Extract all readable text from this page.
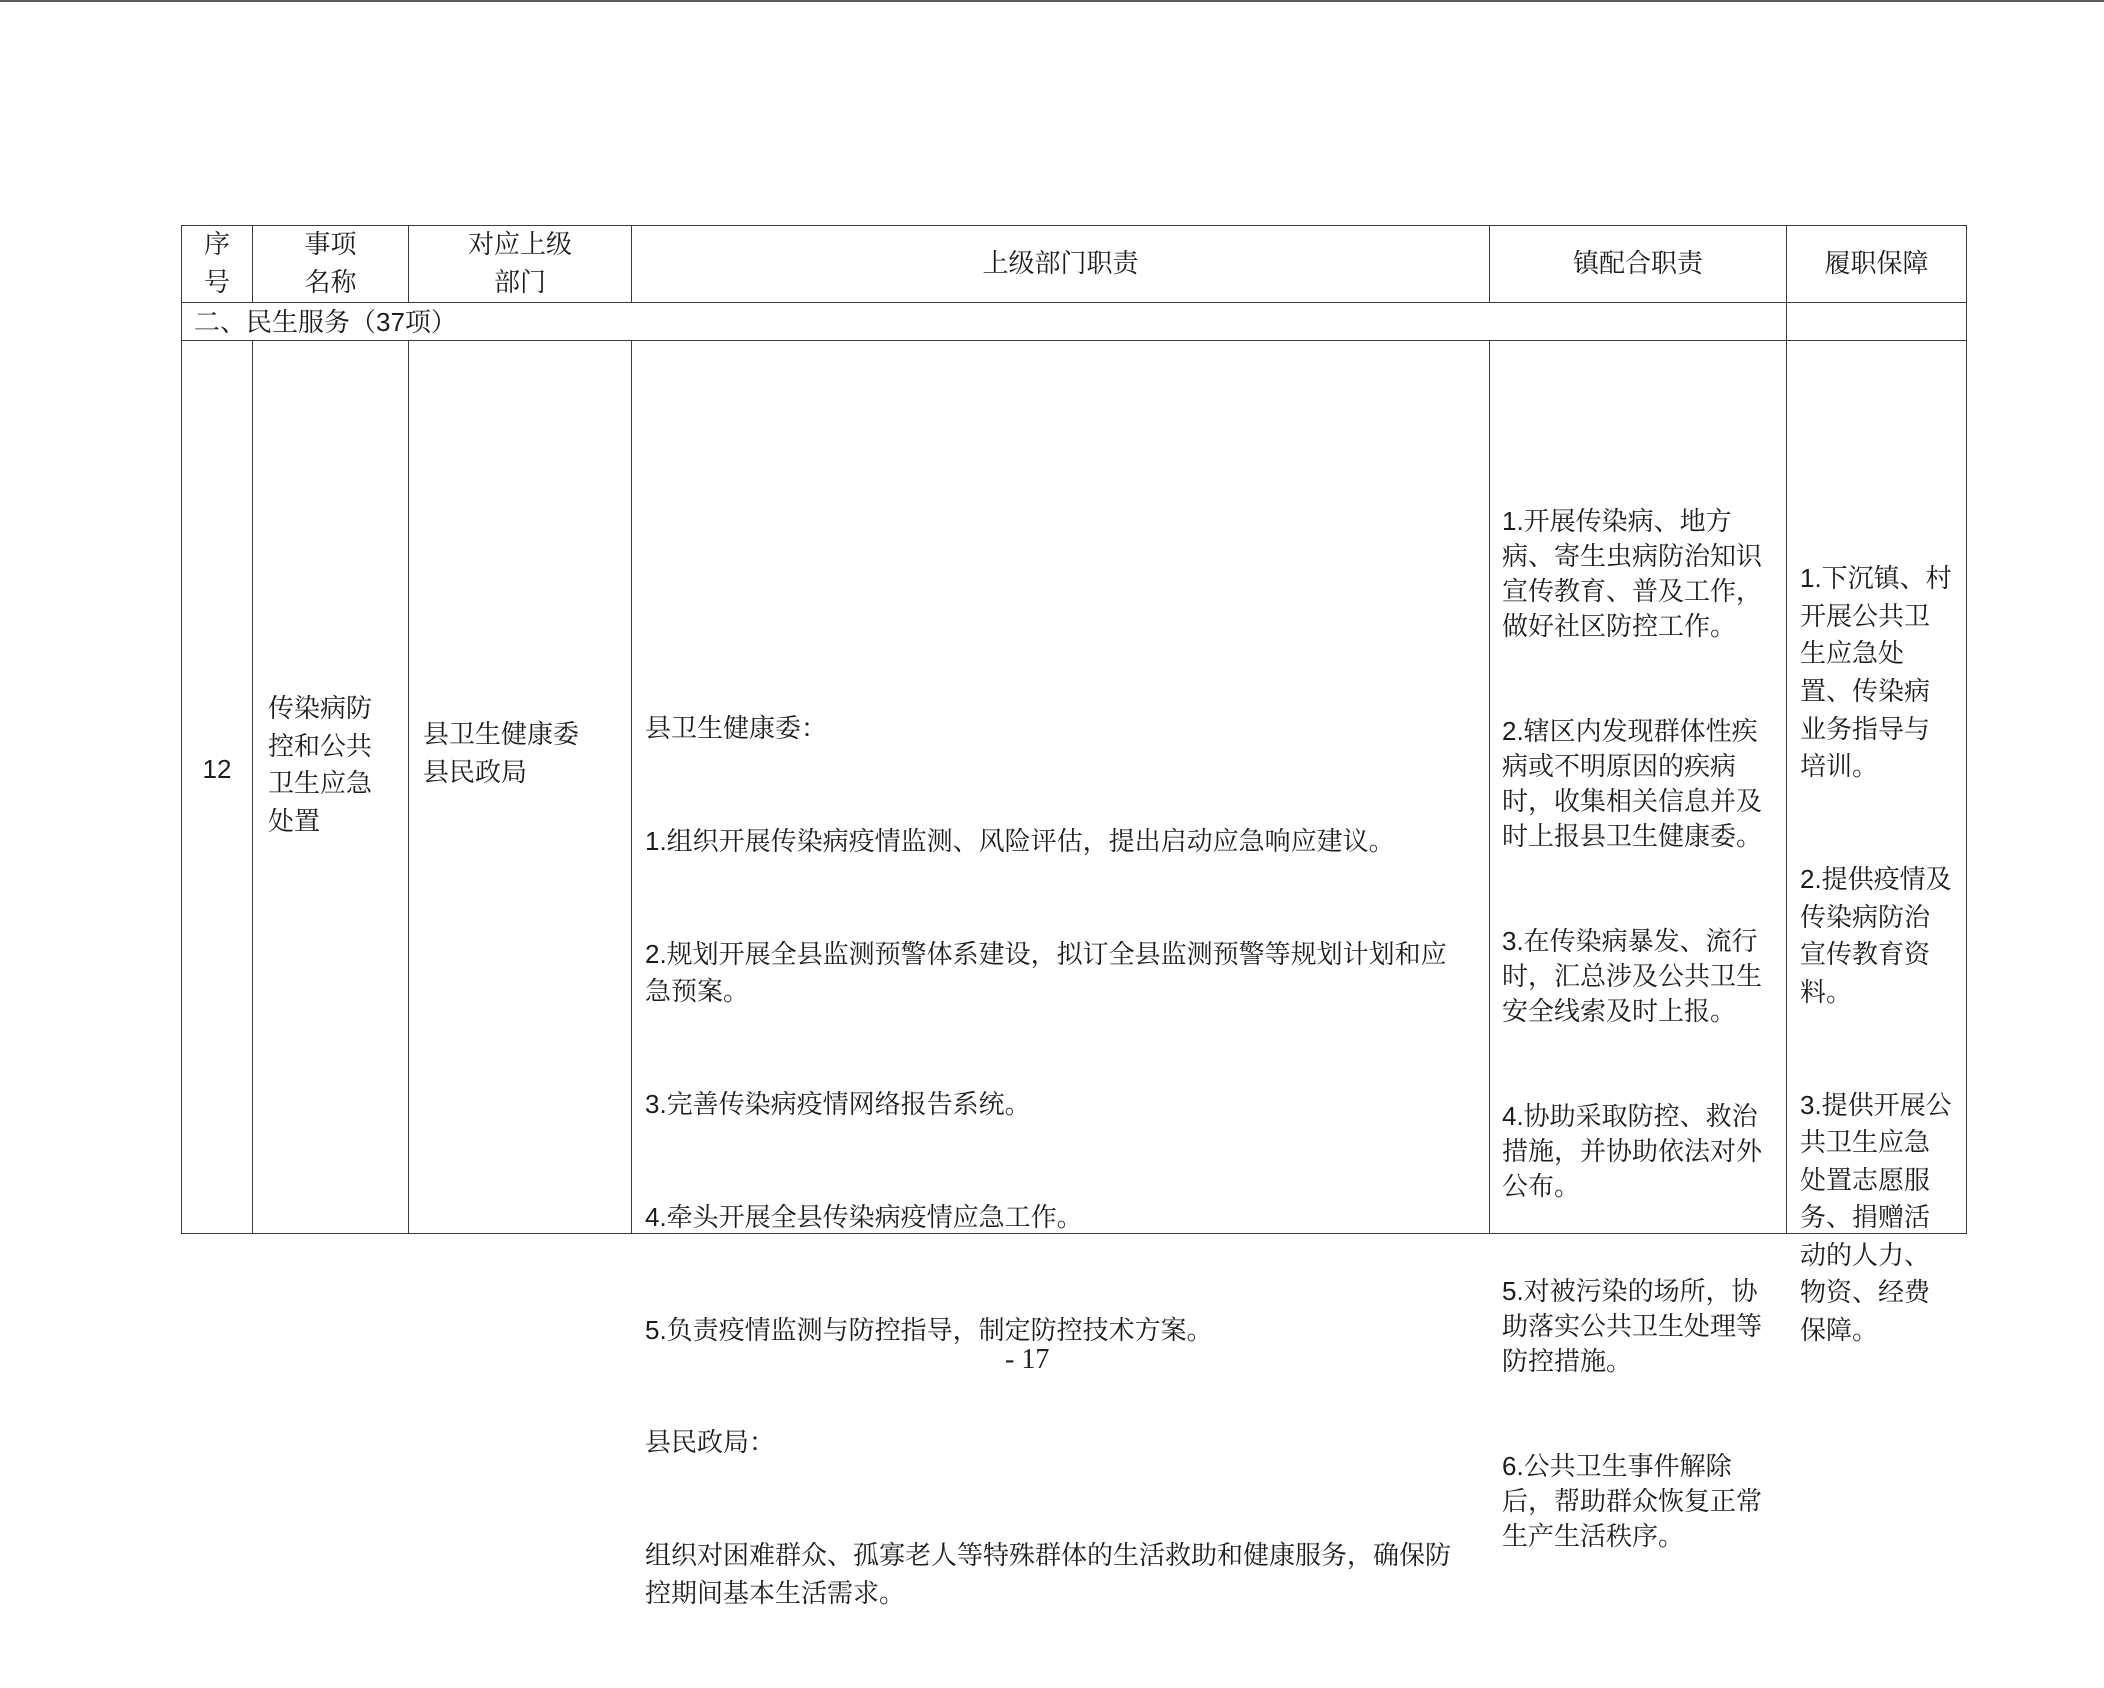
序
号
事项
名称
对应上级
部门
上级部门职责	镇配合职责	履职保障
二、民生服务（37项）
12
传染病防
控和公共
卫生应急
处置
县卫生健康委
县民政局

县卫生健康委：

1.组织开展传染病疫情监测、风险评估，提出启动应急响应建议。

2.规划开展全县监测预警体系建设，拟订全县监测预警等规划计划和应
急预案。

3.完善传染病疫情网络报告系统。

4.牵头开展全县传染病疫情应急工作。

5.负责疫情监测与防控指导，制定防控技术方案。

县民政局：

组织对困难群众、孤寡老人等特殊群体的生活救助和健康服务，确保防
控期间基本生活需求。

1.开展传染病、地方
病、寄生虫病防治知识
宣传教育、普及工作，
做好社区防控工作。

2.辖区内发现群体性疾
病或不明原因的疾病
时，收集相关信息并及
时上报县卫生健康委。

3.在传染病暴发、流行
时，汇总涉及公共卫生
安全线索及时上报。

4.协助采取防控、救治
措施，并协助依法对外
公布。

5.对被污染的场所，协
助落实公共卫生处理等
防控措施。

6.公共卫生事件解除
后，帮助群众恢复正常
生产生活秩序。

1.下沉镇、村
开展公共卫
生应急处
置、传染病
业务指导与
培训。

2.提供疫情及
传染病防治
宣传教育资
料。

3.提供开展公
共卫生应急
处置志愿服
务、捐赠活
动的人力、
物资、经费
保障。

- 17
